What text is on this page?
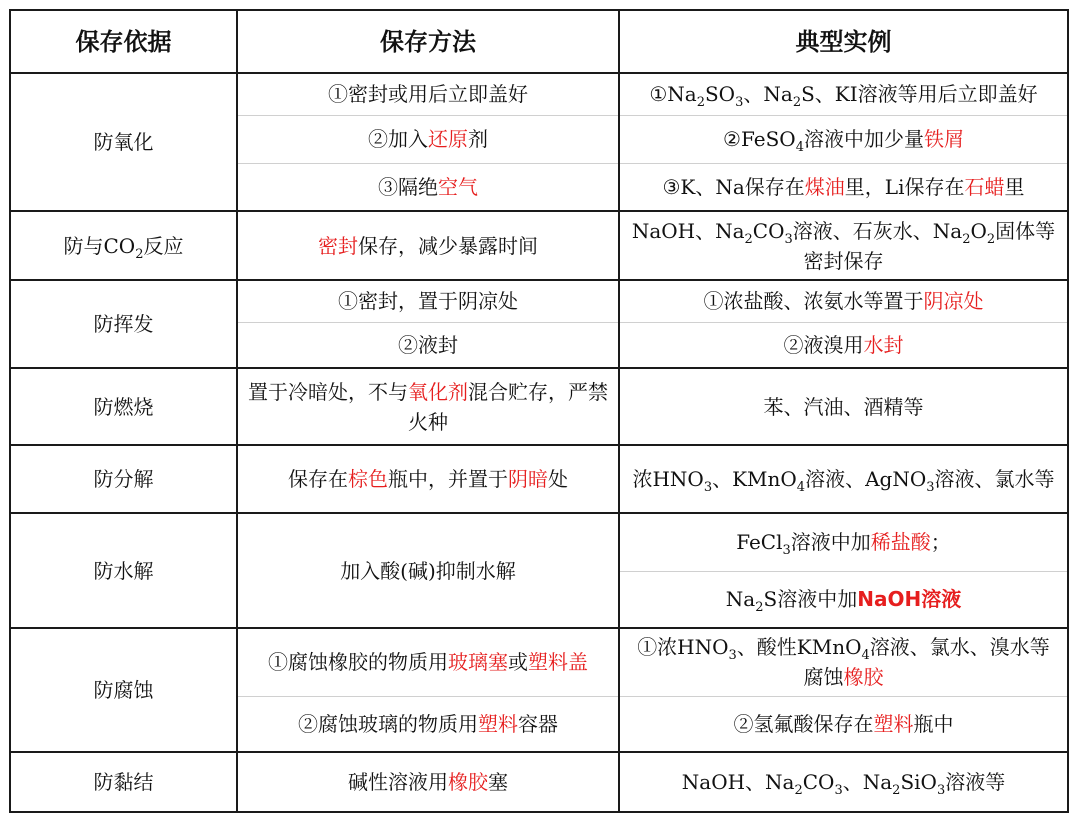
保存依据	保存方法	典型实例
防氧化	①密封或用后立即盖好	$①Na_2SO_3$、$Na_2S$、KI溶液等用后立即盖好
	②加入还原剂	②FeSO$_4$溶液中加少量铁屑
	③隔绝空气	③K、Na保存在煤油里，Li保存在石蜡里
防与$CO_2$反应	密封保存，减少暴露时间	NaOH、$Na_2CO_3$溶液、石灰水、$Na_2O_2$固体等密封保存
防挥发	①密封，置于阴凉处	①浓盐酸、浓氨水等置于阴凉处
	②液封	②液溴用水封
防燃烧	置于冷暗处，不与氧化剂混合贮存，严禁火种	苯、汽油、酒精等
防分解	保存在棕色瓶中，并置于阴暗处	浓$HNO_3$、KMnO$_4$溶液、AgNO$_3$溶液、氯水等
防水解	加入酸(碱)抑制水解	FeCl$_3$溶液中加稀盐酸；
		$Na_2S$溶液中加NaOH溶液
防腐蚀	①腐蚀橡胶的物质用玻璃塞或塑料盖	①浓$HNO_3$、酸性KMnO$_4$溶液、氯水、溴水等腐蚀橡胶
	②腐蚀玻璃的物质用塑料容器	②氢氟酸保存在塑料瓶中
防黏结	碱性溶液用橡胶塞	NaOH、$Na_2CO_3$、$Na_2SiO_3$溶液等
